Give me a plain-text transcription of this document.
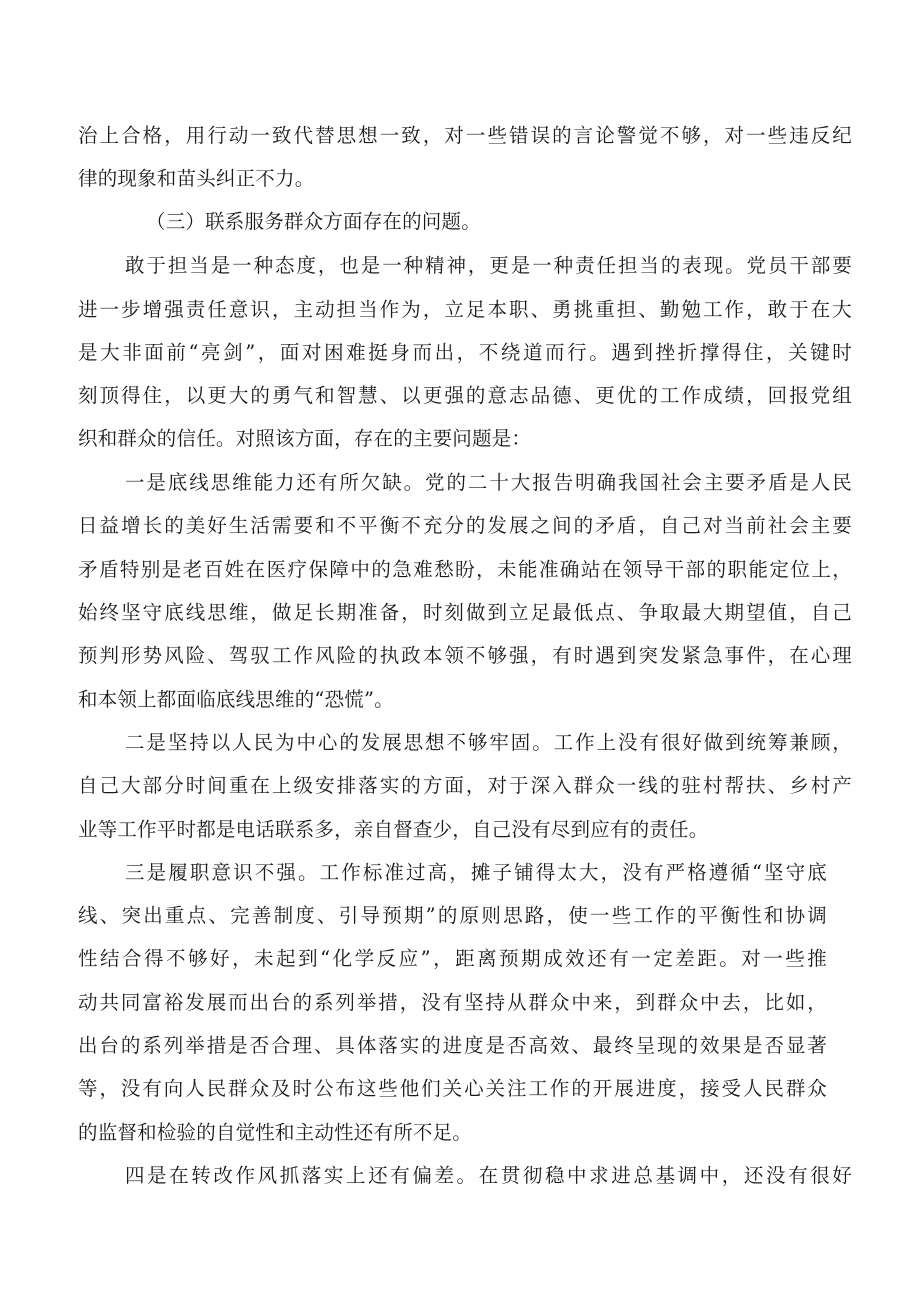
治上合格，用行动一致代替思想一致，对一些错误的言论警觉不够，对一些违反纪
律的现象和苗头纠正不力。
（三）联系服务群众方面存在的问题。
敢于担当是一种态度，也是一种精神，更是一种责任担当的表现。党员干部要
进一步增强责任意识，主动担当作为，立足本职、勇挑重担、勤勉工作，敢于在大
是大非面前“亮剑”，面对困难挺身而出，不绕道而行。遇到挫折撑得住，关键时
刻顶得住，以更大的勇气和智慧、以更强的意志品德、更优的工作成绩，回报党组
织和群众的信任。对照该方面，存在的主要问题是：
一是底线思维能力还有所欠缺。党的二十大报告明确我国社会主要矛盾是人民
日益增长的美好生活需要和不平衡不充分的发展之间的矛盾，自己对当前社会主要
矛盾特别是老百姓在医疗保障中的急难愁盼，未能准确站在领导干部的职能定位上，
始终坚守底线思维，做足长期准备，时刻做到立足最低点、争取最大期望值，自己
预判形势风险、驾驭工作风险的执政本领不够强，有时遇到突发紧急事件，在心理
和本领上都面临底线思维的“恐慌”。
二是坚持以人民为中心的发展思想不够牢固。工作上没有很好做到统筹兼顾，
自己大部分时间重在上级安排落实的方面，对于深入群众一线的驻村帮扶、乡村产
业等工作平时都是电话联系多，亲自督查少，自己没有尽到应有的责任。
三是履职意识不强。工作标准过高，摊子铺得太大，没有严格遵循“坚守底
线、突出重点、完善制度、引导预期”的原则思路，使一些工作的平衡性和协调
性结合得不够好，未起到“化学反应”，距离预期成效还有一定差距。对一些推
动共同富裕发展而出台的系列举措，没有坚持从群众中来，到群众中去，比如，
出台的系列举措是否合理、具体落实的进度是否高效、最终呈现的效果是否显著
等，没有向人民群众及时公布这些他们关心关注工作的开展进度，接受人民群众
的监督和检验的自觉性和主动性还有所不足。
四是在转改作风抓落实上还有偏差。在贯彻稳中求进总基调中，还没有很好
